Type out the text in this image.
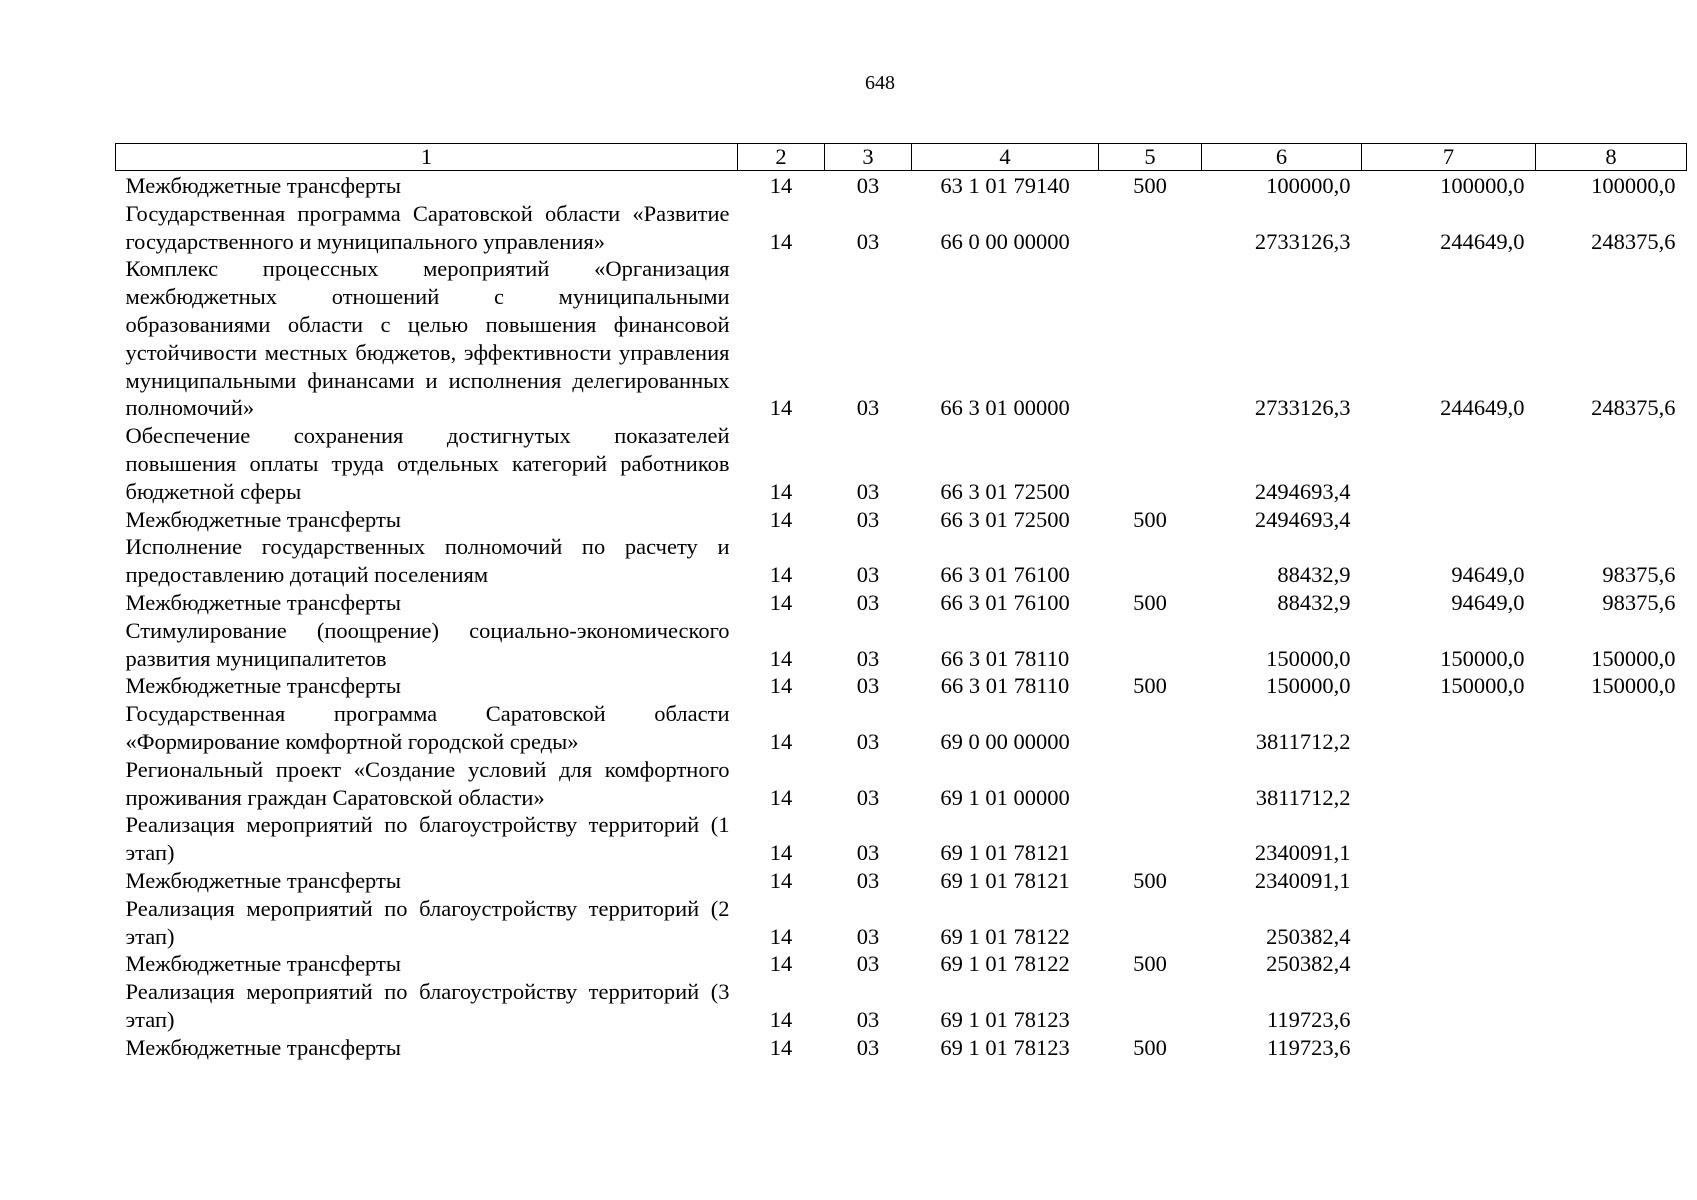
648
1	2	3	4	5	6	7	8
Межбюджетные трансферты	14	03	63 1 01 79140	500	100000,0	100000,0	100000,0
Государственная программа Саратовской области «Развитие государственного и муниципального управления»	14	03	66 0 00 00000		2733126,3	244649,0	248375,6
Комплекс процессных мероприятий «Организация межбюджетных отношений с муниципальными образованиями области с целью повышения финансовой устойчивости местных бюджетов, эффективности управления муниципальными финансами и исполнения делегированных полномочий»	14	03	66 3 01 00000		2733126,3	244649,0	248375,6
Обеспечение сохранения достигнутых показателей повышения оплаты труда отдельных категорий работников бюджетной сферы	14	03	66 3 01 72500		2494693,4		
Межбюджетные трансферты	14	03	66 3 01 72500	500	2494693,4		
Исполнение государственных полномочий по расчету и предоставлению дотаций поселениям	14	03	66 3 01 76100		88432,9	94649,0	98375,6
Межбюджетные трансферты	14	03	66 3 01 76100	500	88432,9	94649,0	98375,6
Стимулирование (поощрение) социально-экономического развития муниципалитетов	14	03	66 3 01 78110		150000,0	150000,0	150000,0
Межбюджетные трансферты	14	03	66 3 01 78110	500	150000,0	150000,0	150000,0
Государственная программа Саратовской области «Формирование комфортной городской среды»	14	03	69 0 00 00000		3811712,2		
Региональный проект «Создание условий для комфортного проживания граждан Саратовской области»	14	03	69 1 01 00000		3811712,2		
Реализация мероприятий по благоустройству территорий (1 этап)	14	03	69 1 01 78121		2340091,1		
Межбюджетные трансферты	14	03	69 1 01 78121	500	2340091,1		
Реализация мероприятий по благоустройству территорий (2 этап)	14	03	69 1 01 78122		250382,4		
Межбюджетные трансферты	14	03	69 1 01 78122	500	250382,4		
Реализация мероприятий по благоустройству территорий (3 этап)	14	03	69 1 01 78123		119723,6		
Межбюджетные трансферты	14	03	69 1 01 78123	500	119723,6		
